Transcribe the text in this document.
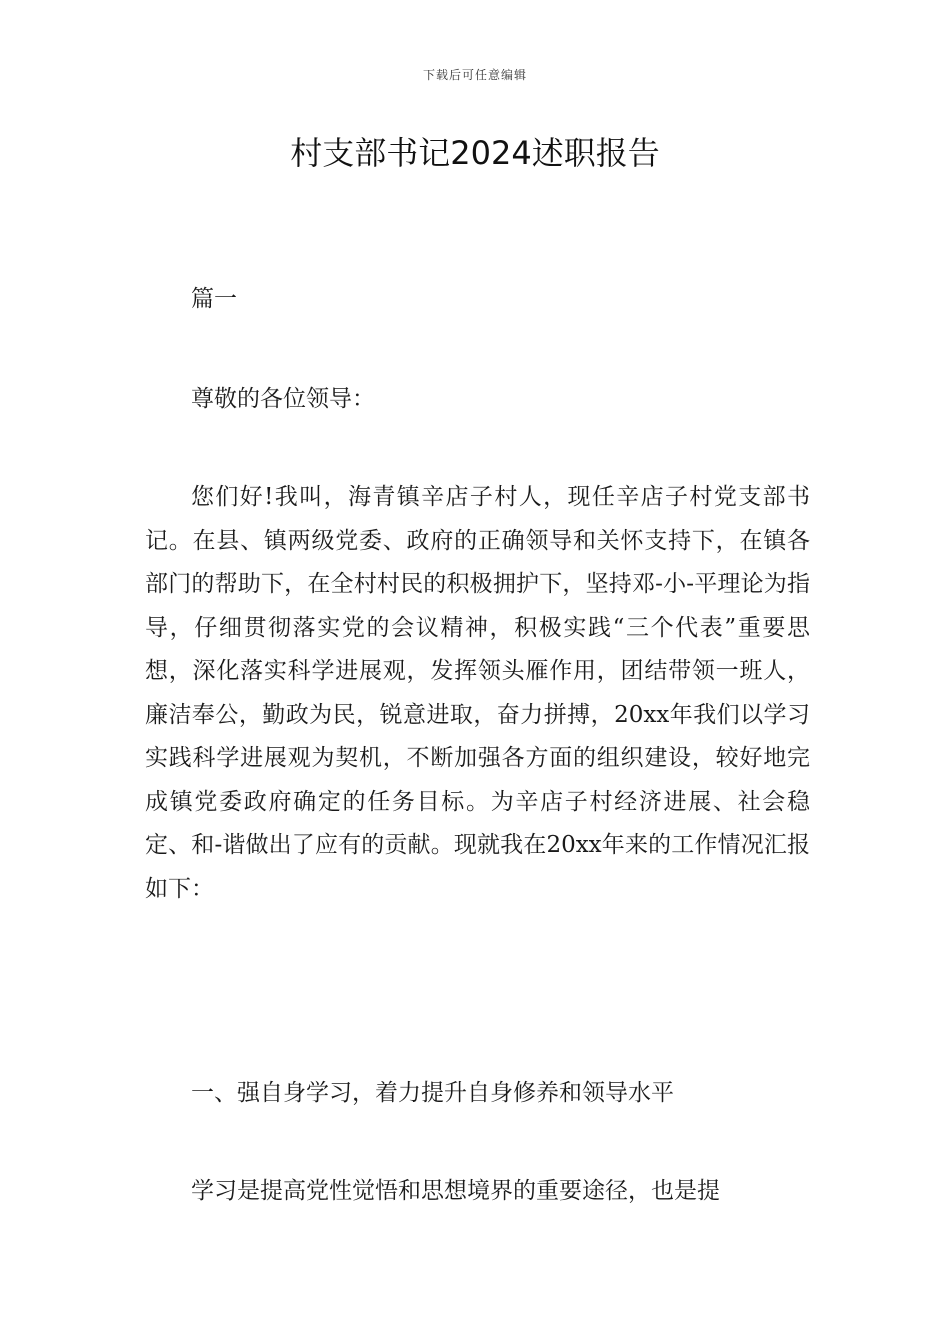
下载后可任意编辑
村支部书记2024述职报告

篇一

尊敬的各位领导：

您们好!我叫，海青镇辛店子村人，现任辛店子村党支部书记。在县、镇两级党委、政府的正确领导和关怀支持下，在镇各部门的帮助下，在全村村民的积极拥护下，坚持邓-小-平理论为指导，仔细贯彻落实党的会议精神，积极实践“三个代表”重要思想，深化落实科学进展观，发挥领头雁作用，团结带领一班人，廉洁奉公，勤政为民，锐意进取，奋力拼搏，20xx年我们以学习实践科学进展观为契机，不断加强各方面的组织建设，较好地完成镇党委政府确定的任务目标。为辛店子村经济进展、社会稳定、和-谐做出了应有的贡献。现就我在20xx年来的工作情况汇报如下：

一、强自身学习，着力提升自身修养和领导水平

学习是提高党性觉悟和思想境界的重要途径，也是提
